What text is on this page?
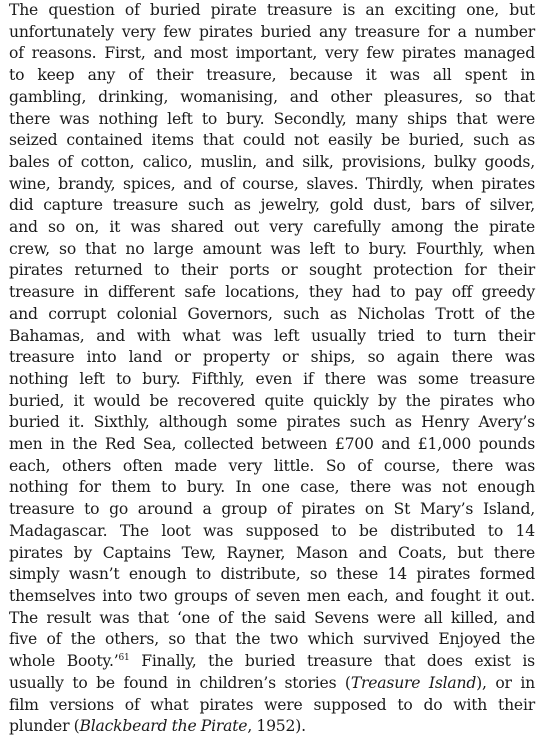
The question of buried pirate treasure is an exciting one, but
unfortunately very few pirates buried any treasure for a number
of reasons. First, and most important, very few pirates managed
to keep any of their treasure, because it was all spent in
gambling, drinking, womanising, and other pleasures, so that
there was nothing left to bury. Secondly, many ships that were
seized contained items that could not easily be buried, such as
bales of cotton, calico, muslin, and silk, provisions, bulky goods,
wine, brandy, spices, and of course, slaves. Thirdly, when pirates
did capture treasure such as jewelry, gold dust, bars of silver,
and so on, it was shared out very carefully among the pirate
crew, so that no large amount was left to bury. Fourthly, when
pirates returned to their ports or sought protection for their
treasure in different safe locations, they had to pay off greedy
and corrupt colonial Governors, such as Nicholas Trott of the
Bahamas, and with what was left usually tried to turn their
treasure into land or property or ships, so again there was
nothing left to bury. Fifthly, even if there was some treasure
buried, it would be recovered quite quickly by the pirates who
buried it. Sixthly, although some pirates such as Henry Avery’s
men in the Red Sea, collected between £700 and £1,000 pounds
each, others often made very little. So of course, there was
nothing for them to bury. In one case, there was not enough
treasure to go around a group of pirates on St Mary’s Island,
Madagascar. The loot was supposed to be distributed to 14
pirates by Captains Tew, Rayner, Mason and Coats, but there
simply wasn’t enough to distribute, so these 14 pirates formed
themselves into two groups of seven men each, and fought it out.
The result was that ‘one of the said Sevens were all killed, and
five of the others, so that the two which survived Enjoyed the
whole Booty.’$^{61}$ Finally, the buried treasure that does exist is
usually to be found in children’s stories (Treasure Island), or in
film versions of what pirates were supposed to do with their
plunder (Blackbeard the Pirate, 1952).
